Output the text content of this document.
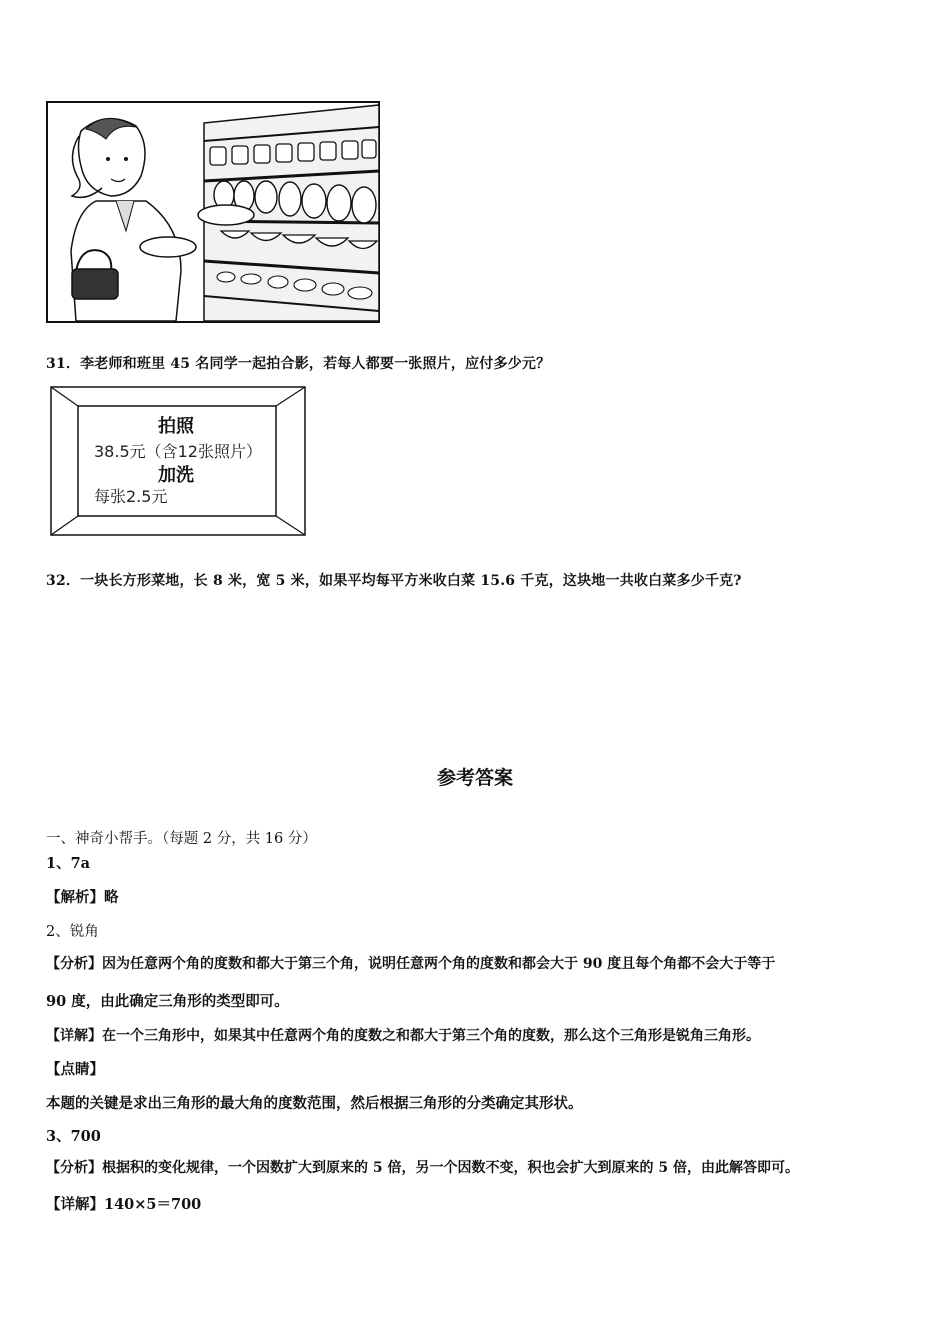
31．李老师和班里 45 名同学一起拍合影，若每人都要一张照片，应付多少元？
拍照
38.5元（含12张照片）
加洗
每张2.5元
32．一块长方形菜地，长 8 米，宽 5 米，如果平均每平方米收白菜 15.6 千克，这块地一共收白菜多少千克?
参考答案
一、神奇小帮手。（每题 2 分，共 16 分）
1、7a
【解析】略
2、锐角
【分析】因为任意两个角的度数和都大于第三个角，说明任意两个角的度数和都会大于 90 度且每个角都不会大于等于
90 度，由此确定三角形的类型即可。
【详解】在一个三角形中，如果其中任意两个角的度数之和都大于第三个角的度数，那么这个三角形是锐角三角形。
【点睛】
本题的关键是求出三角形的最大角的度数范围，然后根据三角形的分类确定其形状。
3、700
【分析】根据积的变化规律，一个因数扩大到原来的 5 倍，另一个因数不变，积也会扩大到原来的 5 倍，由此解答即可。
【详解】140×5＝700
